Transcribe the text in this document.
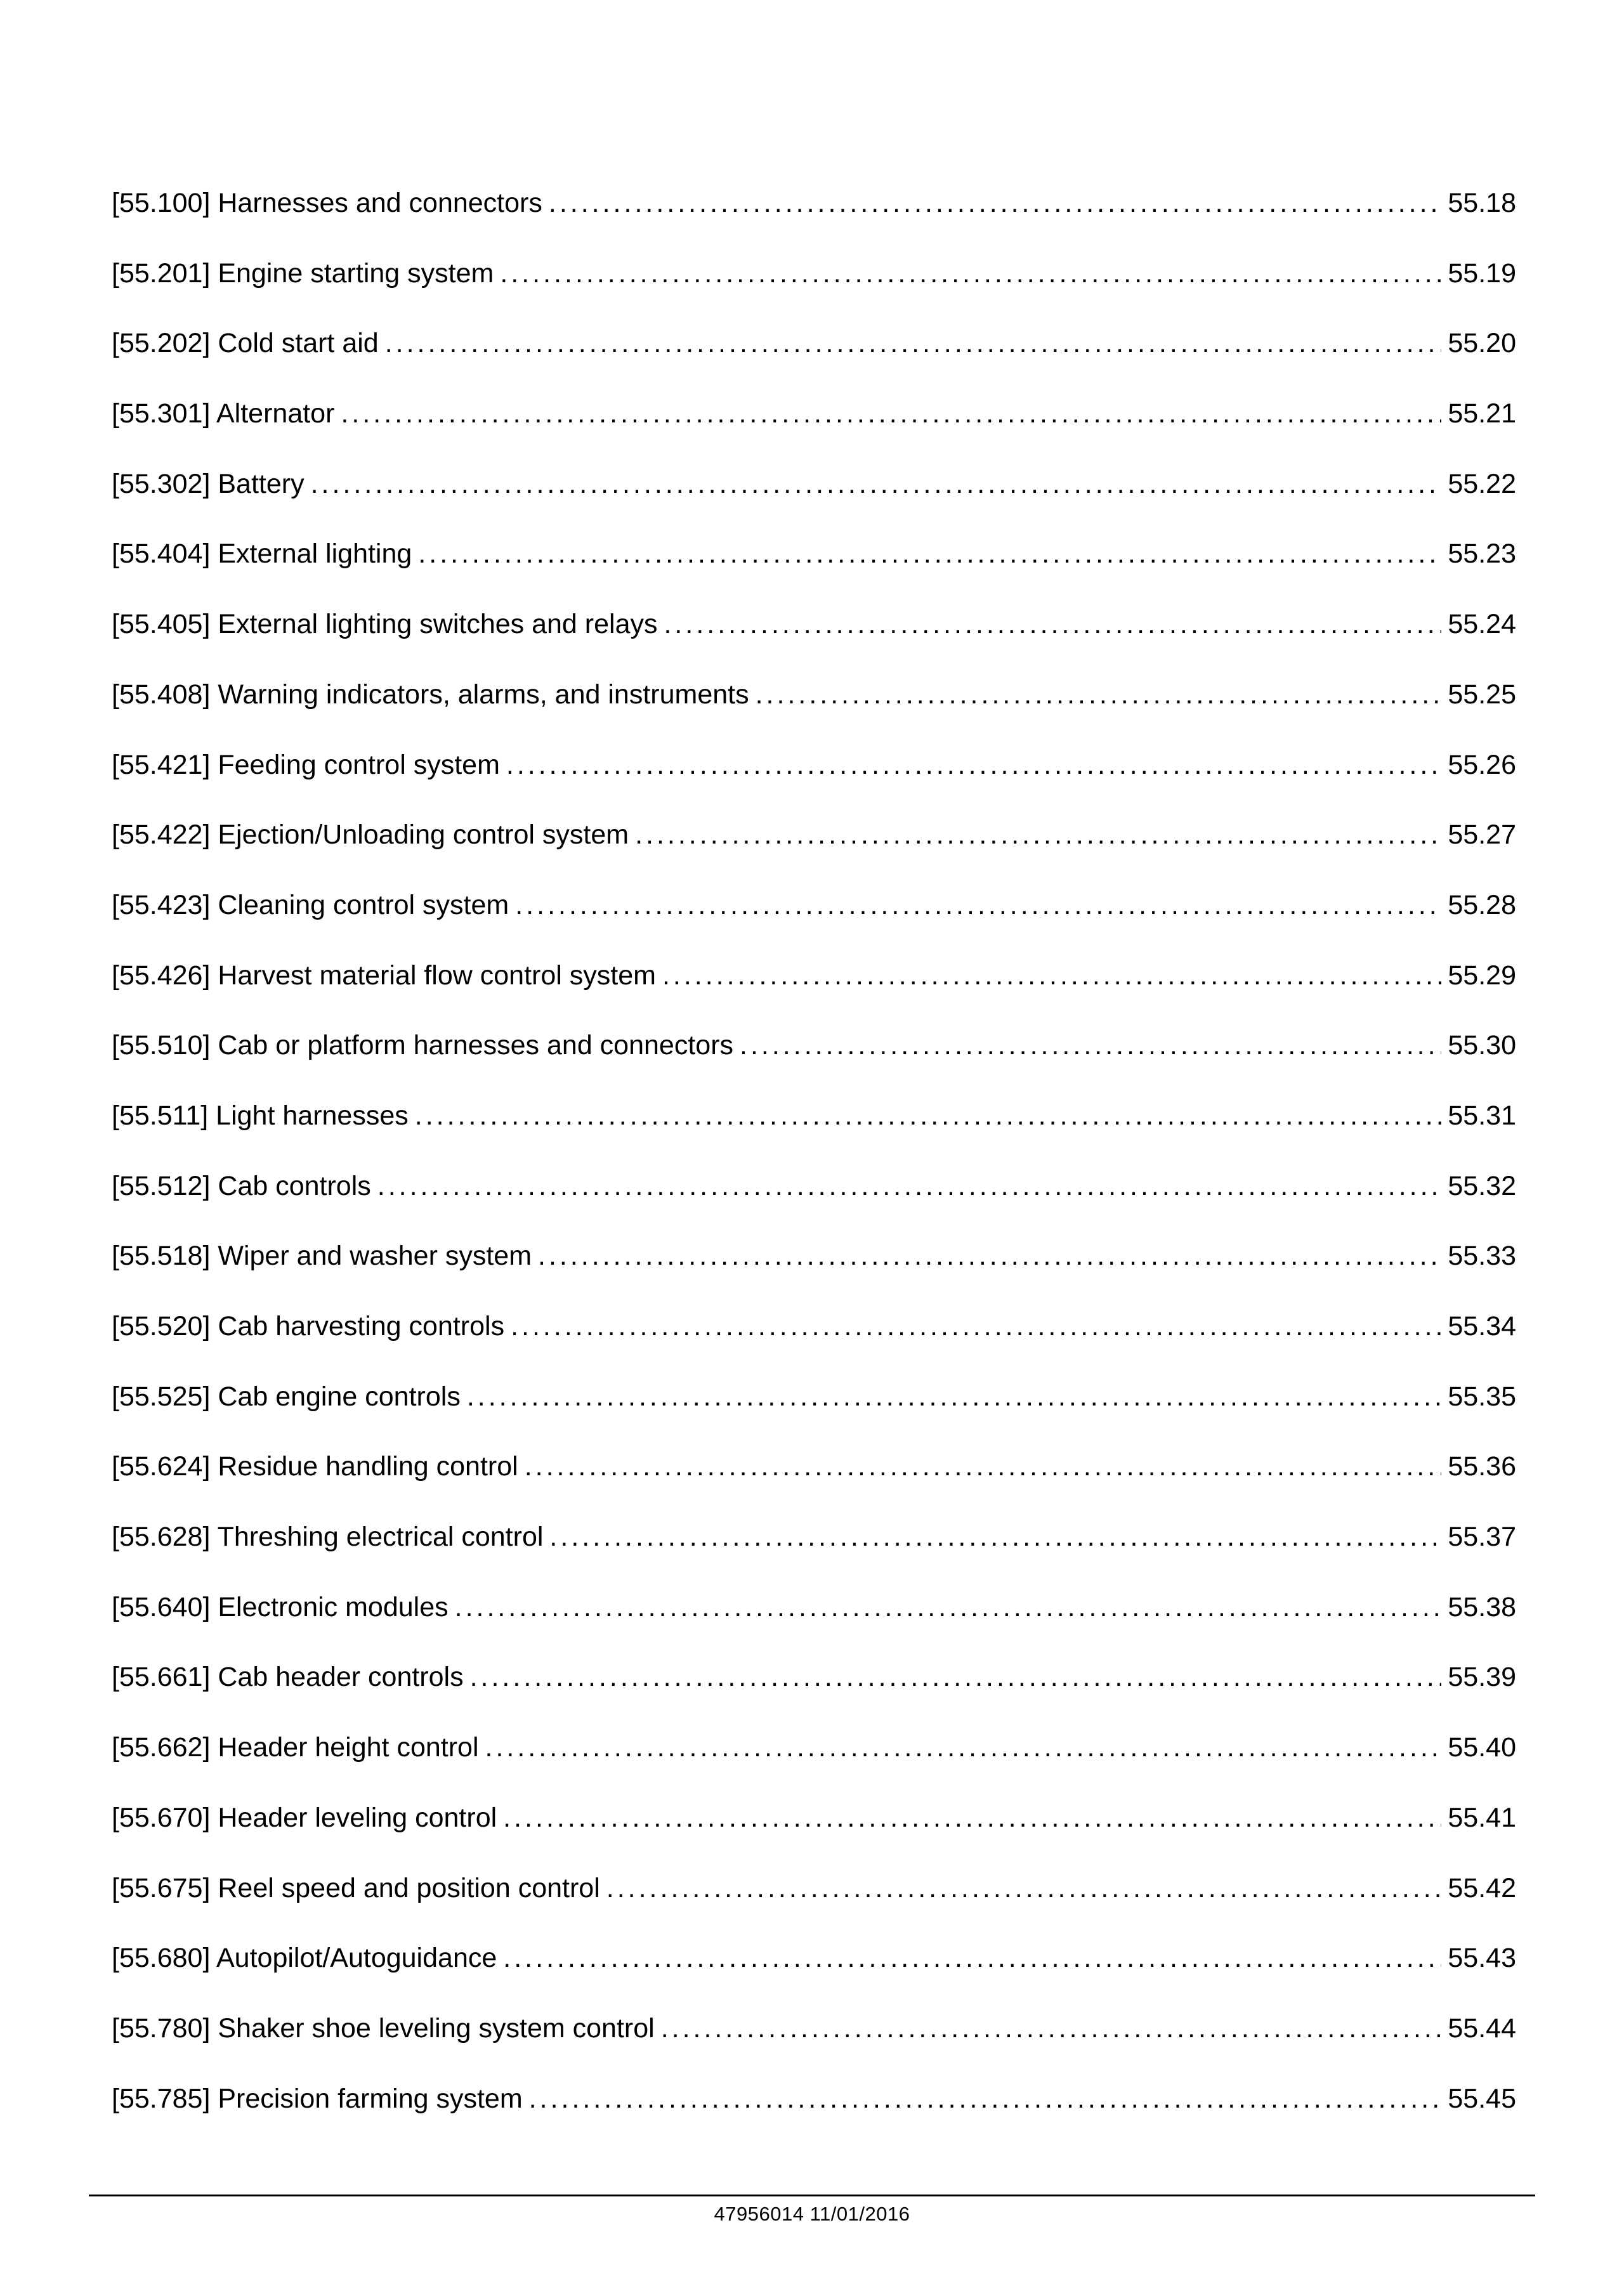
[55.100] Harnesses and connectors .....	55.18
[55.201] Engine starting system .....	55.19
[55.202] Cold start aid .....	55.20
[55.301] Alternator .....	55.21
[55.302] Battery .....	55.22
[55.404] External lighting .....	55.23
[55.405] External lighting switches and relays .....	55.24
[55.408] Warning indicators, alarms, and instruments .....	55.25
[55.421] Feeding control system .....	55.26
[55.422] Ejection/Unloading control system .....	55.27
[55.423] Cleaning control system .....	55.28
[55.426] Harvest material flow control system .....	55.29
[55.510] Cab or platform harnesses and connectors .....	55.30
[55.511] Light harnesses .....	55.31
[55.512] Cab controls .....	55.32
[55.518] Wiper and washer system .....	55.33
[55.520] Cab harvesting controls .....	55.34
[55.525] Cab engine controls .....	55.35
[55.624] Residue handling control .....	55.36
[55.628] Threshing electrical control .....	55.37
[55.640] Electronic modules .....	55.38
[55.661] Cab header controls .....	55.39
[55.662] Header height control .....	55.40
[55.670] Header leveling control .....	55.41
[55.675] Reel speed and position control .....	55.42
[55.680] Autopilot/Autoguidance .....	55.43
[55.780] Shaker shoe leveling system control .....	55.44
[55.785] Precision farming system .....	55.45
47956014 11/01/2016
